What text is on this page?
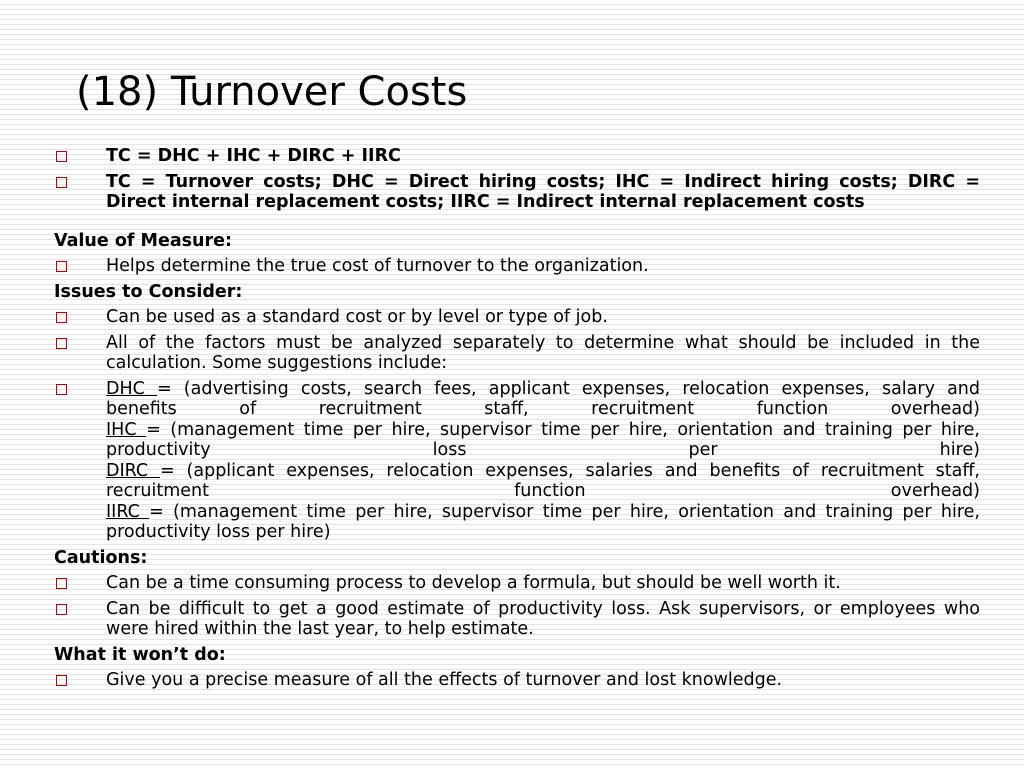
(18) Turnover Costs
TC = DHC + IHC + DIRC + IIRC
TC = Turnover costs; DHC = Direct hiring costs; IHC = Indirect hiring costs; DIRC = Direct internal replacement costs; IIRC = Indirect internal replacement costs
Value of Measure:
Helps determine the true cost of turnover to the organization.
Issues to Consider:
Can be used as a standard cost or by level or type of job.
All of the factors must be analyzed separately to determine what should be included in the calculation. Some suggestions include:
DHC = (advertising costs, search fees, applicant expenses, relocation expenses, salary and benefits of recruitment staff, recruitment function overhead)
IHC = (management time per hire, supervisor time per hire, orientation and training per hire, productivity loss per hire)
DIRC = (applicant expenses, relocation expenses, salaries and benefits of recruitment staff, recruitment function overhead)
IIRC = (management time per hire, supervisor time per hire, orientation and training per hire, productivity loss per hire)
Cautions:
Can be a time consuming process to develop a formula, but should be well worth it.
Can be difficult to get a good estimate of productivity loss. Ask supervisors, or employees who were hired within the last year, to help estimate.
What it won’t do:
Give you a precise measure of all the effects of turnover and lost knowledge.
